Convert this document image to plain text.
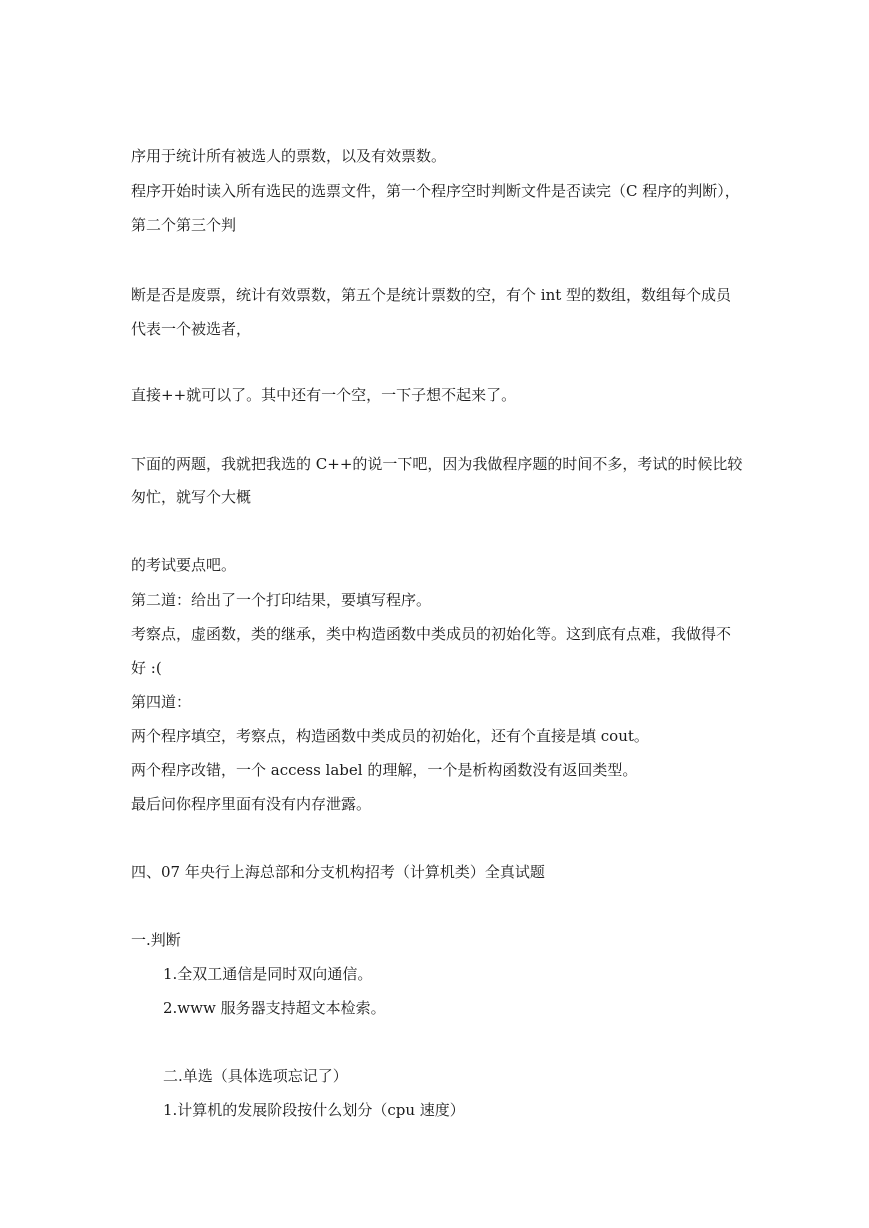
序用于统计所有被选人的票数，以及有效票数。
程序开始时读入所有选民的选票文件，第一个程序空时判断文件是否读完（C 程序的判断），
第二个第三个判
断是否是废票，统计有效票数，第五个是统计票数的空，有个 int 型的数组，数组每个成员
代表一个被选者，
直接++就可以了。其中还有一个空，一下子想不起来了。
下面的两题，我就把我选的 C++的说一下吧，因为我做程序题的时间不多，考试的时候比较
匆忙，就写个大概
的考试要点吧。
第二道：给出了一个打印结果，要填写程序。
考察点，虚函数，类的继承，类中构造函数中类成员的初始化等。这到底有点难，我做得不
好 :(
第四道：
两个程序填空，考察点，构造函数中类成员的初始化，还有个直接是填 cout。
两个程序改错，一个 access label 的理解，一个是析构函数没有返回类型。
最后问你程序里面有没有内存泄露。
四、07 年央行上海总部和分支机构招考（计算机类）全真试题
一.判断
1.全双工通信是同时双向通信。
2.www 服务器支持超文本检索。
二.单选（具体选项忘记了）
1.计算机的发展阶段按什么划分（cpu 速度）
